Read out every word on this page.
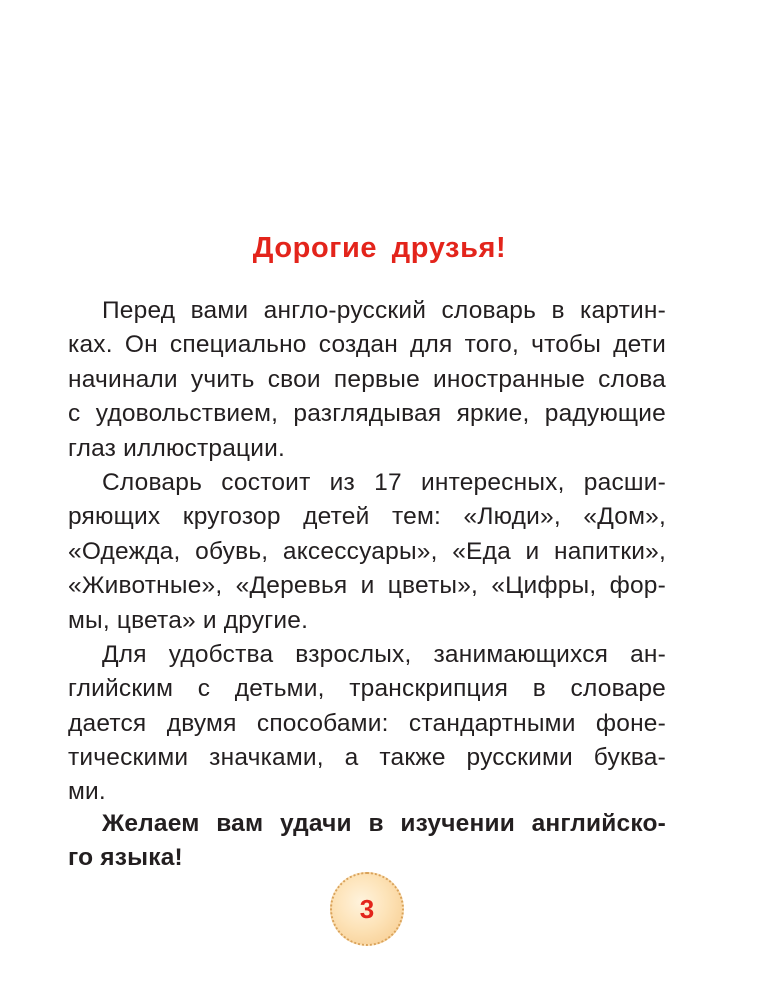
Дорогие друзья!

Перед вами англо-русский словарь в картин-
ках. Он специально создан для того, чтобы дети
начинали учить свои первые иностранные слова
с удовольствием, разглядывая яркие, радующие
глаз иллюстрации.

Словарь состоит из 17 интересных, расши-
ряющих кругозор детей тем: «Люди», «Дом»,
«Одежда, обувь, аксессуары», «Еда и напитки»,
«Животные», «Деревья и цветы», «Цифры, фор-
мы, цвета» и другие.

Для удобства взрослых, занимающихся ан-
глийским с детьми, транскрипция в словаре
дается двумя способами: стандартными фоне-
тическими значками, а также русскими буква-
ми.

Желаем вам удачи в изучении английско-
го языка!

3
